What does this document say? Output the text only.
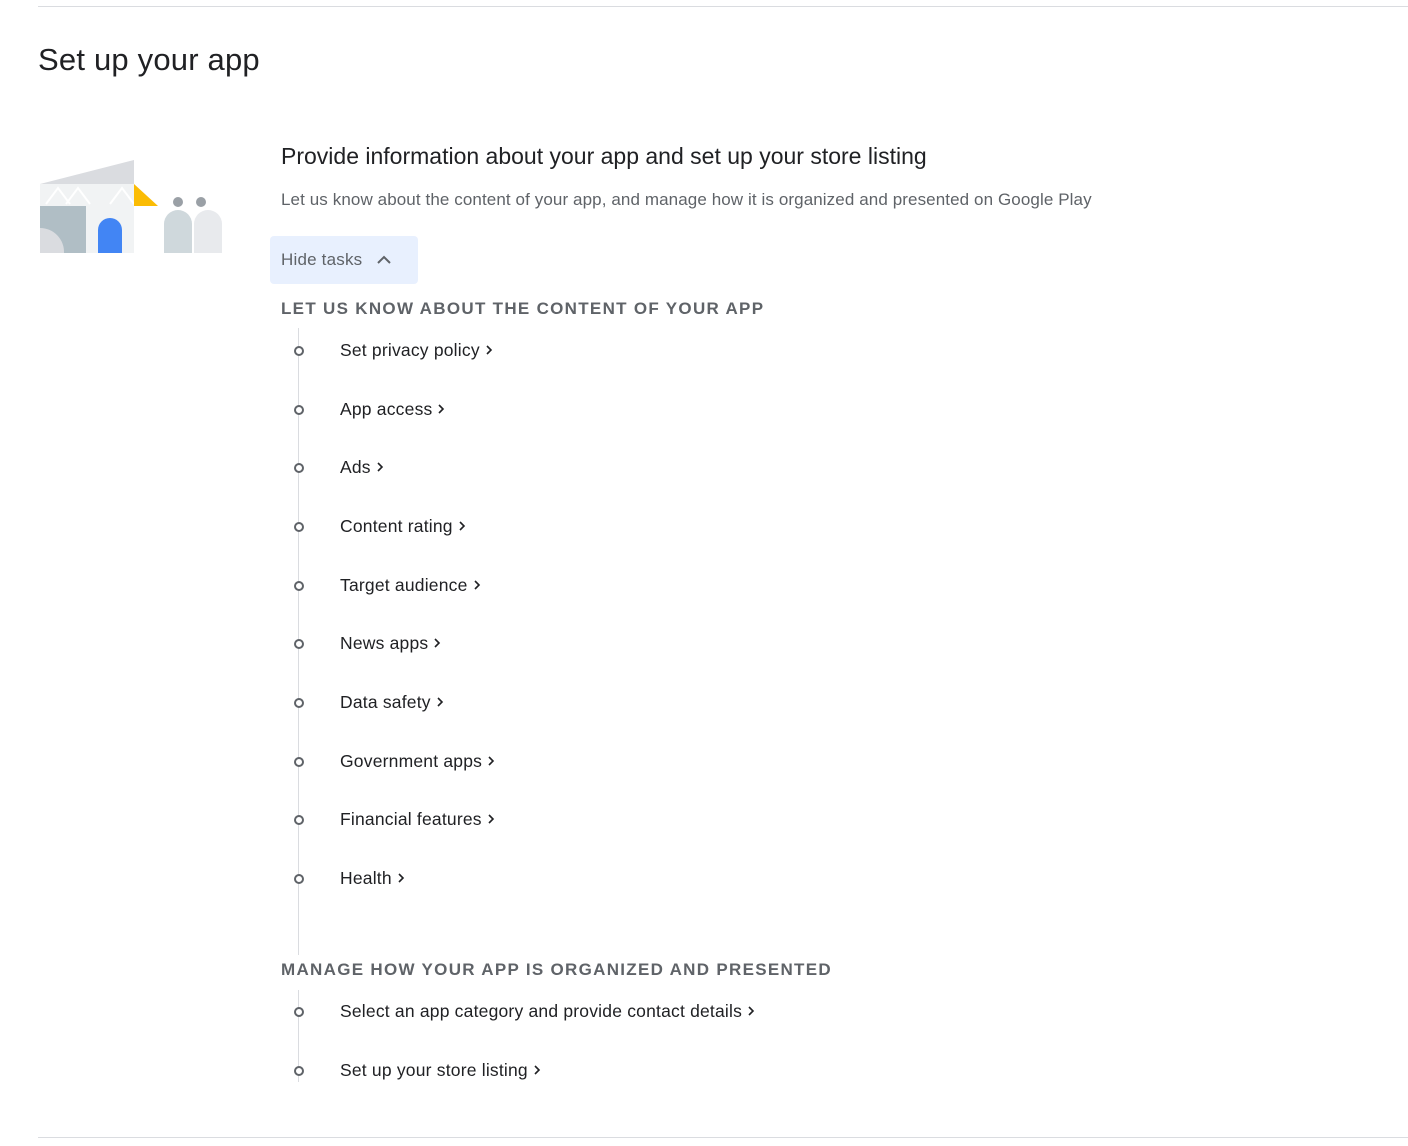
Set up your app
Provide information about your app and set up your store listing

Let us know about the content of your app, and manage how it is organized and presented on Google Play

Hide tasks
LET US KNOW ABOUT THE CONTENT OF YOUR APP
MANAGE HOW YOUR APP IS ORGANIZED AND PRESENTED
Set privacy policy
App access
Ads
Content rating
Target audience
News apps
Data safety
Government apps
Financial features
Health
Select an app category and provide contact details
Set up your store listing
